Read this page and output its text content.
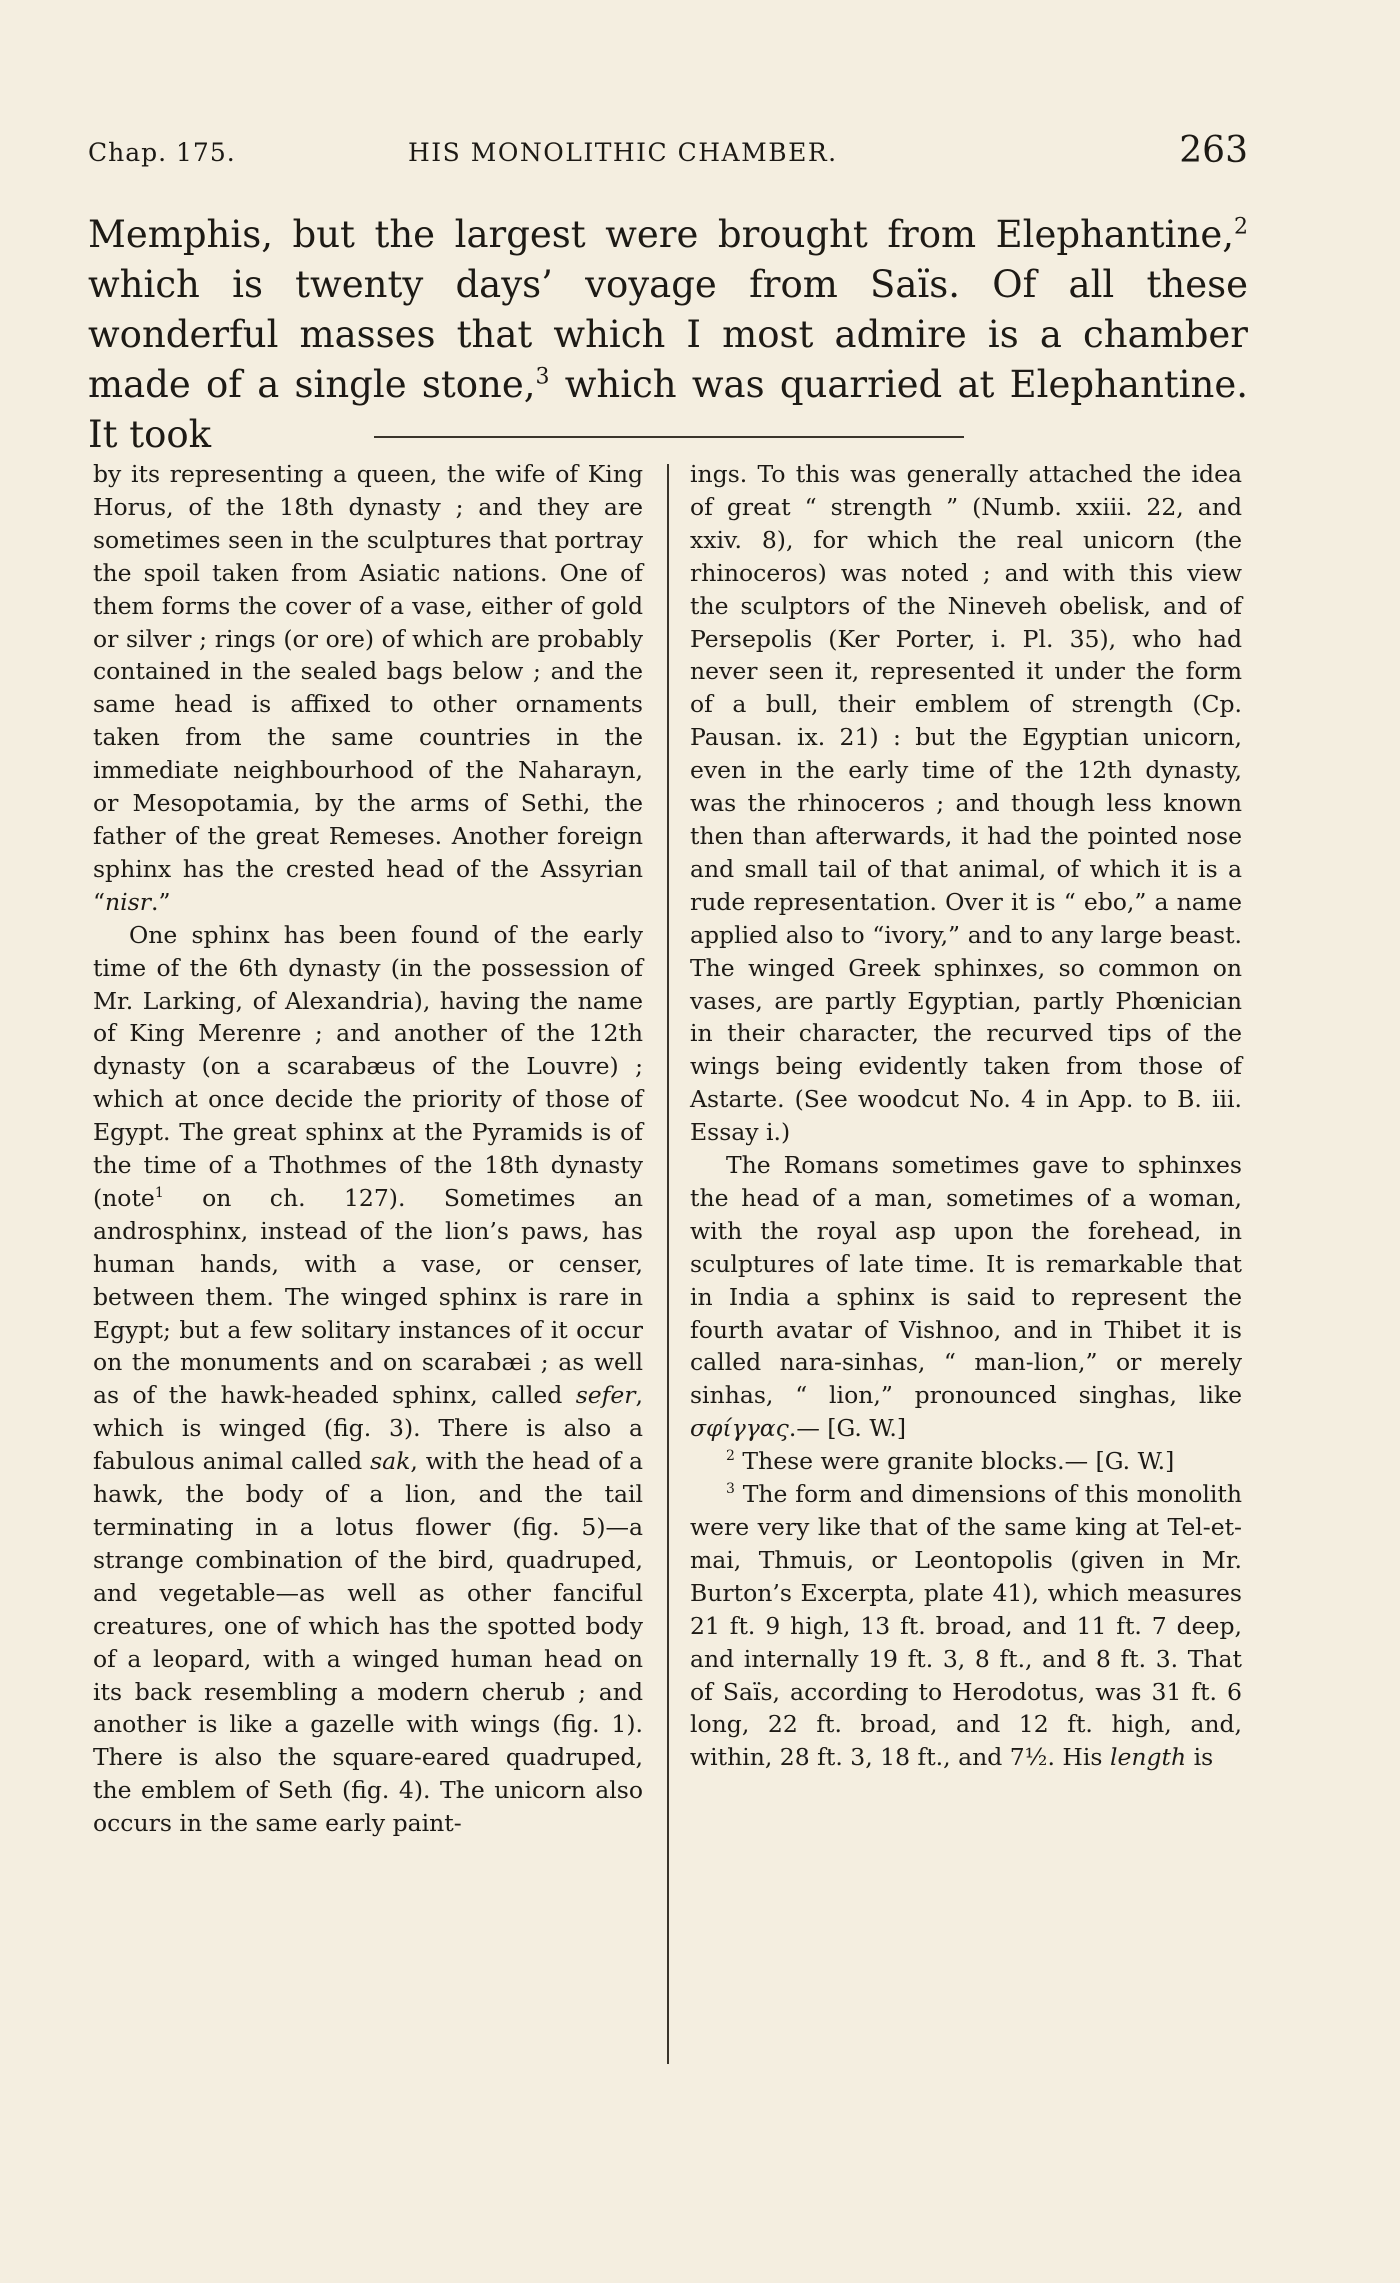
Chap. 175.	HIS MONOLITHIC CHAMBER.	263
Memphis, but the largest were brought from Elephantine,$^2$ which is twenty days’ voyage from Saïs. Of all these wonderful masses that which I most admire is a chamber made of a single stone,$^3$ which was quarried at Elephantine. It took

by its representing a queen, the wife of King Horus, of the 18th dynasty ; and they are sometimes seen in the sculptures that portray the spoil taken from Asiatic nations. One of them forms the cover of a vase, either of gold or silver ; rings (or ore) of which are probably contained in the sealed bags below ; and the same head is affixed to other ornaments taken from the same countries in the immediate neighbourhood of the Naharayn, or Mesopotamia, by the arms of Sethi, the father of the great Remeses. Another foreign sphinx has the crested head of the Assyrian “nisr.”

One sphinx has been found of the early time of the 6th dynasty (in the possession of Mr. Larking, of Alexandria), having the name of King Merenre ; and another of the 12th dynasty (on a scarabæus of the Louvre) ; which at once decide the priority of those of Egypt. The great sphinx at the Pyramids is of the time of a Thothmes of the 18th dynasty (note$^1$ on ch. 127). Sometimes an androsphinx, instead of the lion’s paws, has human hands, with a vase, or censer, between them. The winged sphinx is rare in Egypt; but a few solitary instances of it occur on the monuments and on scarabæi ; as well as of the hawk-headed sphinx, called sefer, which is winged (fig. 3). There is also a fabulous animal called sak, with the head of a hawk, the body of a lion, and the tail terminating in a lotus flower (fig. 5)—a strange combination of the bird, quadruped, and vegetable—as well as other fanciful creatures, one of which has the spotted body of a leopard, with a winged human head on its back resembling a modern cherub ; and another is like a gazelle with wings (fig. 1). There is also the square-eared quadruped, the emblem of Seth (fig. 4). The unicorn also occurs in the same early paint-

ings. To this was generally attached the idea of great “ strength ” (Numb. xxiii. 22, and xxiv. 8), for which the real unicorn (the rhinoceros) was noted ; and with this view the sculptors of the Nineveh obelisk, and of Persepolis (Ker Porter, i. Pl. 35), who had never seen it, represented it under the form of a bull, their emblem of strength (Cp. Pausan. ix. 21) : but the Egyptian unicorn, even in the early time of the 12th dynasty, was the rhinoceros ; and though less known then than afterwards, it had the pointed nose and small tail of that animal, of which it is a rude representation. Over it is “ ebo,” a name applied also to “ivory,” and to any large beast. The winged Greek sphinxes, so common on vases, are partly Egyptian, partly Phœnician in their character, the recurved tips of the wings being evidently taken from those of Astarte. (See woodcut No. 4 in App. to B. iii. Essay i.)

The Romans sometimes gave to sphinxes the head of a man, sometimes of a woman, with the royal asp upon the forehead, in sculptures of late time. It is remarkable that in India a sphinx is said to represent the fourth avatar of Vishnoo, and in Thibet it is called nara-sinhas, “ man-lion,” or merely sinhas, “ lion,” pronounced singhas, like σφίγγας.— [G. W.]

$^2$ These were granite blocks.— [G. W.]

$^3$ The form and dimensions of this monolith were very like that of the same king at Tel-et-mai, Thmuis, or Leontopolis (given in Mr. Burton’s Excerpta, plate 41), which measures 21 ft. 9 high, 13 ft. broad, and 11 ft. 7 deep, and internally 19 ft. 3, 8 ft., and 8 ft. 3. That of Saïs, according to Herodotus, was 31 ft. 6 long, 22 ft. broad, and 12 ft. high, and, within, 28 ft. 3, 18 ft., and 7½. His length is
